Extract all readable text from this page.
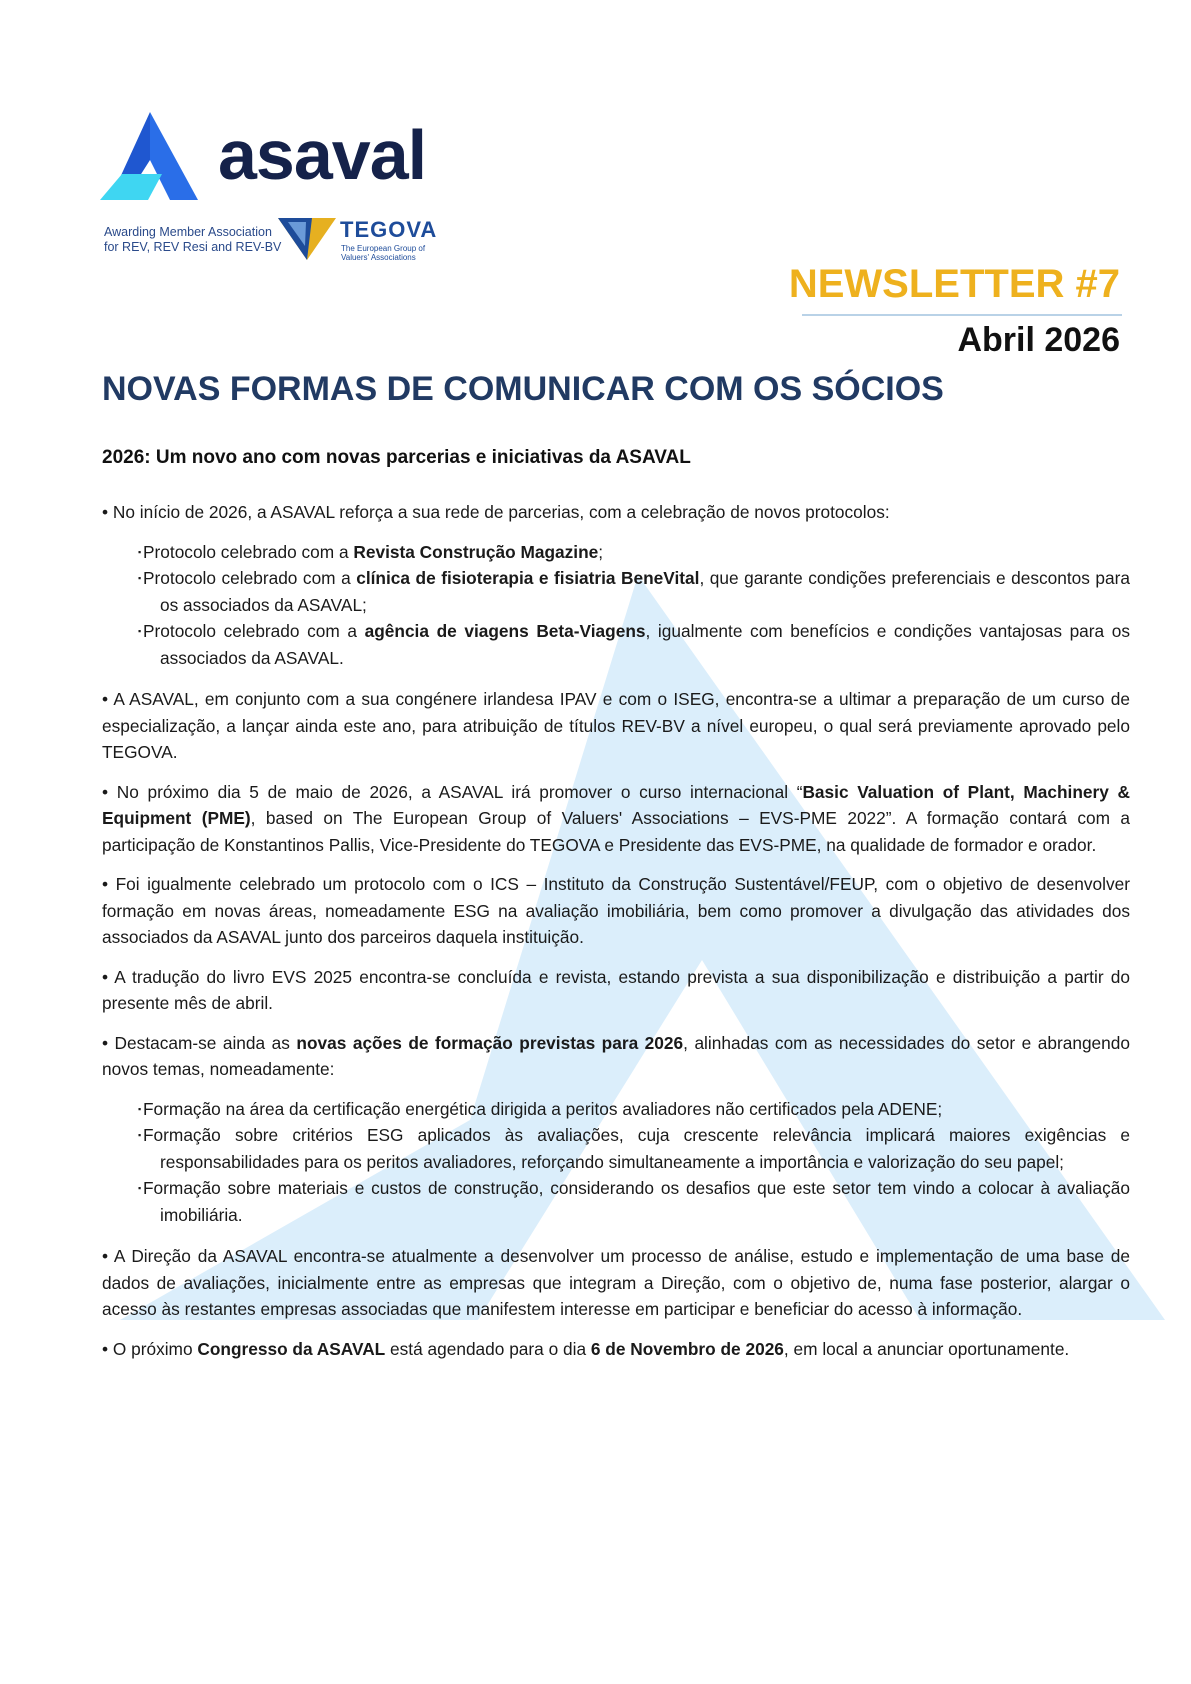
asaval
Awarding Member Association for REV, REV Resi and REV-BV
TEGOVA
The European Group of Valuers' Associations
NEWSLETTER #7
Abril 2026
NOVAS FORMAS DE COMUNICAR COM OS SÓCIOS
2026: Um novo ano com novas parcerias e iniciativas da ASAVAL

• No início de 2026, a ASAVAL reforça a sua rede de parcerias, com a celebração de novos protocolos:

▪ Protocolo celebrado com a Revista Construção Magazine;
▪ Protocolo celebrado com a clínica de fisioterapia e fisiatria BeneVital, que garante condições preferenciais e descontos para os associados da ASAVAL;
▪ Protocolo celebrado com a agência de viagens Beta-Viagens, igualmente com benefícios e condições vantajosas para os associados da ASAVAL.

• A ASAVAL, em conjunto com a sua congénere irlandesa IPAV e com o ISEG, encontra-se a ultimar a preparação de um curso de especialização, a lançar ainda este ano, para atribuição de títulos REV-BV a nível europeu, o qual será previamente aprovado pelo TEGOVA.

• No próximo dia 5 de maio de 2026, a ASAVAL irá promover o curso internacional “Basic Valuation of Plant, Machinery & Equipment (PME), based on The European Group of Valuers' Associations – EVS-PME 2022”. A formação contará com a participação de Konstantinos Pallis, Vice-Presidente do TEGOVA e Presidente das EVS-PME, na qualidade de formador e orador.

• Foi igualmente celebrado um protocolo com o ICS – Instituto da Construção Sustentável/FEUP, com o objetivo de desenvolver formação em novas áreas, nomeadamente ESG na avaliação imobiliária, bem como promover a divulgação das atividades dos associados da ASAVAL junto dos parceiros daquela instituição.

• A tradução do livro EVS 2025 encontra-se concluída e revista, estando prevista a sua disponibilização e distribuição a partir do presente mês de abril.

• Destacam-se ainda as novas ações de formação previstas para 2026, alinhadas com as necessidades do setor e abrangendo novos temas, nomeadamente:

▪ Formação na área da certificação energética dirigida a peritos avaliadores não certificados pela ADENE;
▪ Formação sobre critérios ESG aplicados às avaliações, cuja crescente relevância implicará maiores exigências e responsabilidades para os peritos avaliadores, reforçando simultaneamente a importância e valorização do seu papel;
▪ Formação sobre materiais e custos de construção, considerando os desafios que este setor tem vindo a colocar à avaliação imobiliária.

• A Direção da ASAVAL encontra-se atualmente a desenvolver um processo de análise, estudo e implementação de uma base de dados de avaliações, inicialmente entre as empresas que integram a Direção, com o objetivo de, numa fase posterior, alargar o acesso às restantes empresas associadas que manifestem interesse em participar e beneficiar do acesso à informação.

• O próximo Congresso da ASAVAL está agendado para o dia 6 de Novembro de 2026, em local a anunciar oportunamente.
